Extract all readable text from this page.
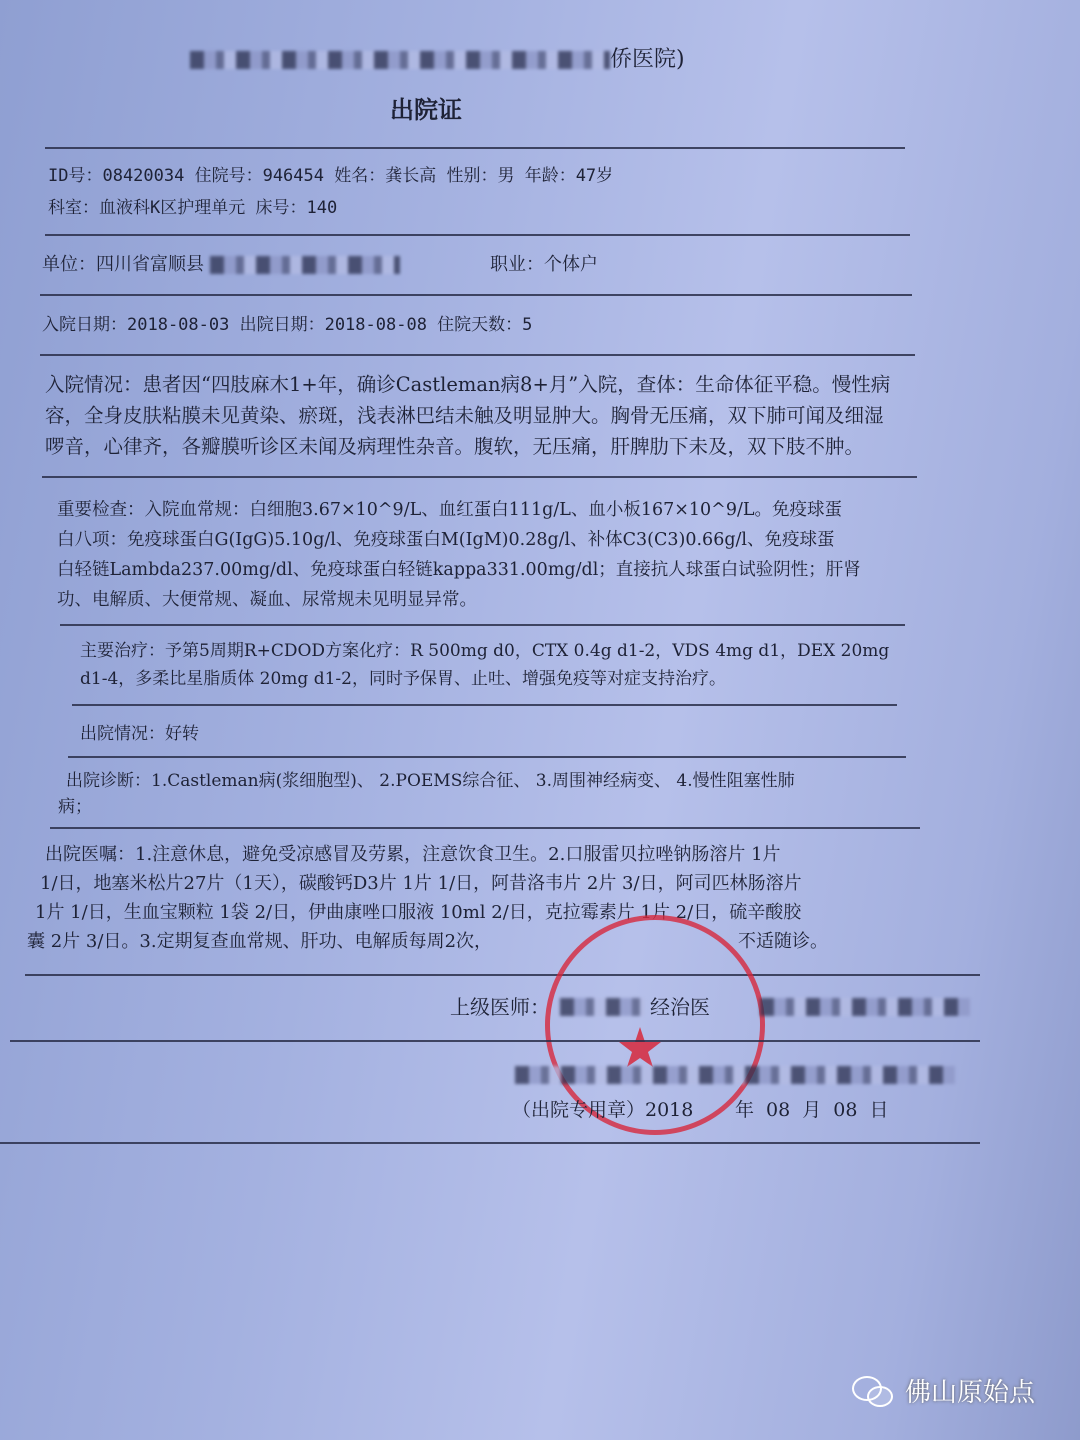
侨医院)
出院证
ID号：08420034 住院号：946454 姓名：龚长高 性别：男 年龄：47岁
科室：血液科K区护理单元 床号：140
单位：四川省富顺县	职业：个体户
入院日期：2018-08-03 出院日期：2018-08-08 住院天数：5
入院情况：患者因“四肢麻木1+年，确诊Castleman病8+月”入院，查体：生命体征平稳。慢性病
容，全身皮肤粘膜未见黄染、瘀斑，浅表淋巴结未触及明显肿大。胸骨无压痛，双下肺可闻及细湿
啰音，心律齐，各瓣膜听诊区未闻及病理性杂音。腹软，无压痛，肝脾肋下未及，双下肢不肿。
重要检查：入院血常规：白细胞3.67×10^9/L、血红蛋白111g/L、血小板167×10^9/L。免疫球蛋
白八项：免疫球蛋白G(IgG)5.10g/l、免疫球蛋白M(IgM)0.28g/l、补体C3(C3)0.66g/l、免疫球蛋
白轻链Lambda237.00mg/dl、免疫球蛋白轻链kappa331.00mg/dl；直接抗人球蛋白试验阴性；肝肾
功、电解质、大便常规、凝血、尿常规未见明显异常。
主要治疗：予第5周期R+CDOD方案化疗：R 500mg d0，CTX 0.4g d1-2，VDS 4mg d1，DEX 20mg
d1-4，多柔比星脂质体 20mg d1-2，同时予保胃、止吐、增强免疫等对症支持治疗。
出院情况：好转
出院诊断：1.Castleman病(浆细胞型)、 2.POEMS综合征、 3.周围神经病变、 4.慢性阻塞性肺
病；
出院医嘱：1.注意休息，避免受凉感冒及劳累，注意饮食卫生。2.口服雷贝拉唑钠肠溶片 1片
1/日，地塞米松片27片（1天），碳酸钙D3片 1片 1/日，阿昔洛韦片 2片 3/日，阿司匹林肠溶片
1片 1/日，生血宝颗粒 1袋 2/日，伊曲康唑口服液 10ml 2/日，克拉霉素片 1片 2/日，硫辛酸胶
囊 2片 3/日。3.定期复查血常规、肝功、电解质每周2次，	不适随诊。
上级医师：	经治医
（出院专用章）2018 年 08 月 08 日
佛山原始点
